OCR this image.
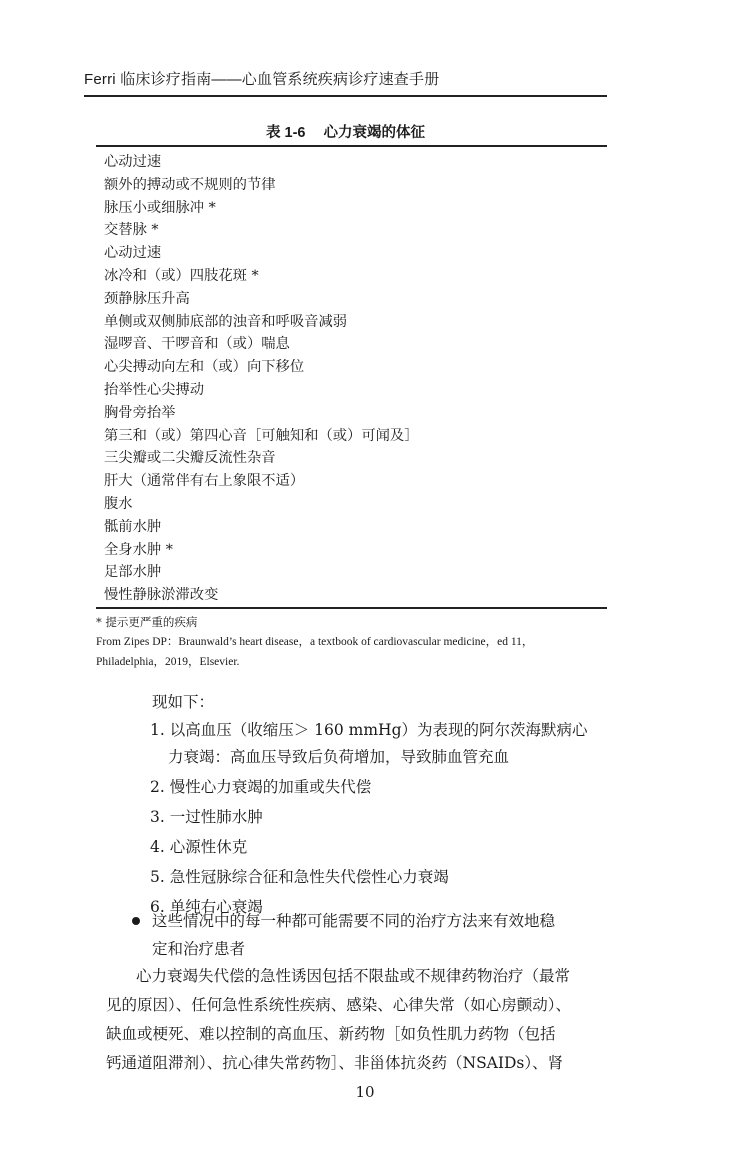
Ferri 临床诊疗指南——心血管系统疾病诊疗速查手册
表 1-6 心力衰竭的体征
心动过速
额外的搏动或不规则的节律
脉压小或细脉冲 *
交替脉 *
心动过速
冰冷和（或）四肢花斑 *
颈静脉压升高
单侧或双侧肺底部的浊音和呼吸音减弱
湿啰音、干啰音和（或）喘息
心尖搏动向左和（或）向下移位
抬举性心尖搏动
胸骨旁抬举
第三和（或）第四心音［可触知和（或）可闻及］
三尖瓣或二尖瓣反流性杂音
肝大（通常伴有右上象限不适）
腹水
骶前水肿
全身水肿 *
足部水肿
慢性静脉淤滞改变
* 提示更严重的疾病
From Zipes DP：Braunwald’s heart disease，a textbook of cardiovascular medicine，ed 11，
Philadelphia，2019，Elsevier.
现如下：
1. 以高血压（收缩压＞ 160 mmHg）为表现的阿尔茨海默病心
力衰竭：高血压导致后负荷增加，导致肺血管充血
2. 慢性心力衰竭的加重或失代偿
3. 一过性肺水肿
4. 心源性休克
5. 急性冠脉综合征和急性失代偿性心力衰竭
6. 单纯右心衰竭
这些情况中的每一种都可能需要不同的治疗方法来有效地稳
定和治疗患者
心力衰竭失代偿的急性诱因包括不限盐或不规律药物治疗（最常
见的原因）、任何急性系统性疾病、感染、心律失常（如心房颤动）、
缺血或梗死、难以控制的高血压、新药物［如负性肌力药物（包括
钙通道阻滞剂）、抗心律失常药物］、非甾体抗炎药（NSAIDs）、肾
10
